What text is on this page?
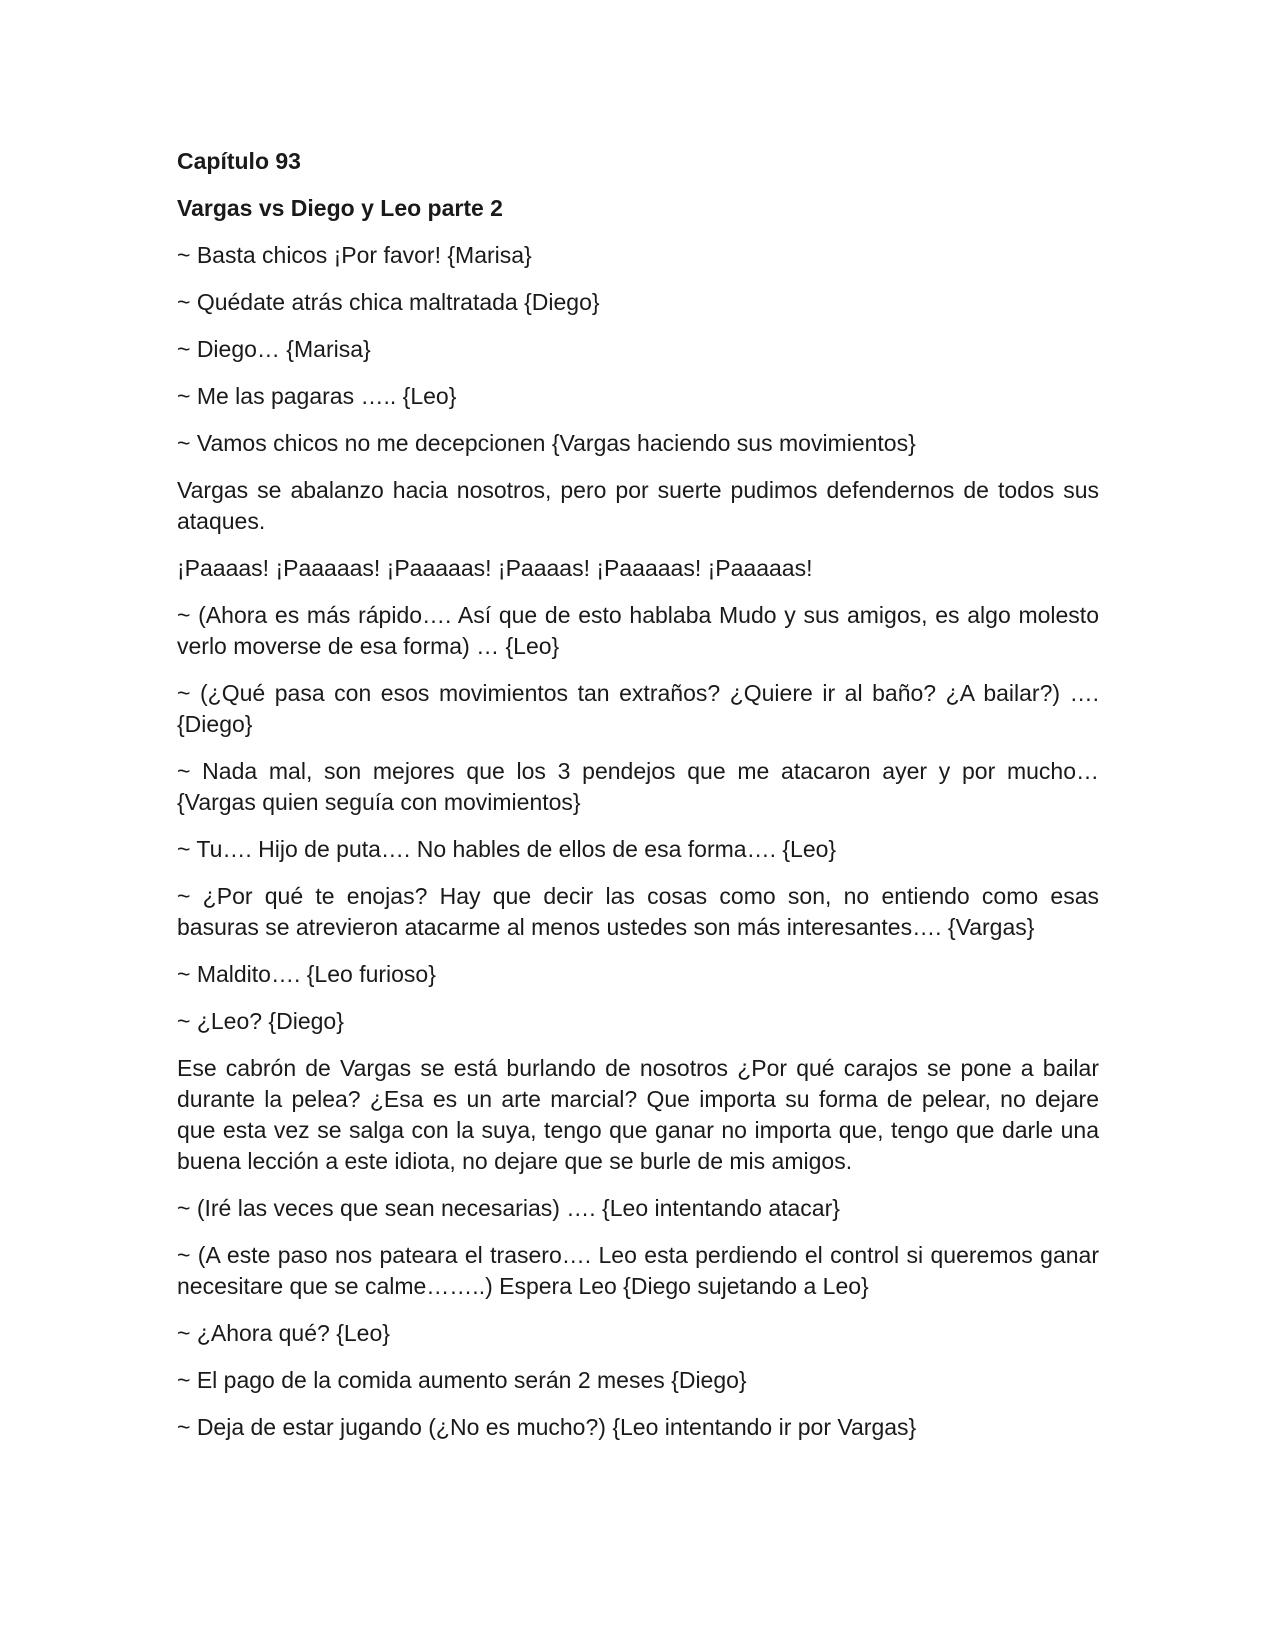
Capítulo 93

Vargas vs Diego y Leo parte 2

~ Basta chicos ¡Por favor! {Marisa}

~ Quédate atrás chica maltratada {Diego}

~ Diego… {Marisa}

~ Me las pagaras ….. {Leo}

~ Vamos chicos no me decepcionen {Vargas haciendo sus movimientos}

Vargas se abalanzo hacia nosotros, pero por suerte pudimos defendernos de todos sus ataques.

¡Paaaas! ¡Paaaaas! ¡Paaaaas! ¡Paaaas! ¡Paaaaas! ¡Paaaaas!

~ (Ahora es más rápido…. Así que de esto hablaba Mudo y sus amigos, es algo molesto verlo moverse de esa forma) … {Leo}

~ (¿Qué pasa con esos movimientos tan extraños? ¿Quiere ir al baño? ¿A bailar?) …. {Diego}

~ Nada mal, son mejores que los 3 pendejos que me atacaron ayer y por mucho… {Vargas quien seguía con movimientos}

~ Tu…. Hijo de puta…. No hables de ellos de esa forma…. {Leo}

~ ¿Por qué te enojas? Hay que decir las cosas como son, no entiendo como esas basuras se atrevieron atacarme al menos ustedes son más interesantes…. {Vargas}

~ Maldito…. {Leo furioso}

~ ¿Leo? {Diego}

Ese cabrón de Vargas se está burlando de nosotros ¿Por qué carajos se pone a bailar durante la pelea? ¿Esa es un arte marcial? Que importa su forma de pelear, no dejare que esta vez se salga con la suya, tengo que ganar no importa que, tengo que darle una buena lección a este idiota, no dejare que se burle de mis amigos.

~ (Iré las veces que sean necesarias) …. {Leo intentando atacar}

~ (A este paso nos pateara el trasero…. Leo esta perdiendo el control si queremos ganar necesitare que se calme……..) Espera Leo {Diego sujetando a Leo}

~ ¿Ahora qué? {Leo}

~ El pago de la comida aumento serán 2 meses {Diego}

~ Deja de estar jugando (¿No es mucho?) {Leo intentando ir por Vargas}
